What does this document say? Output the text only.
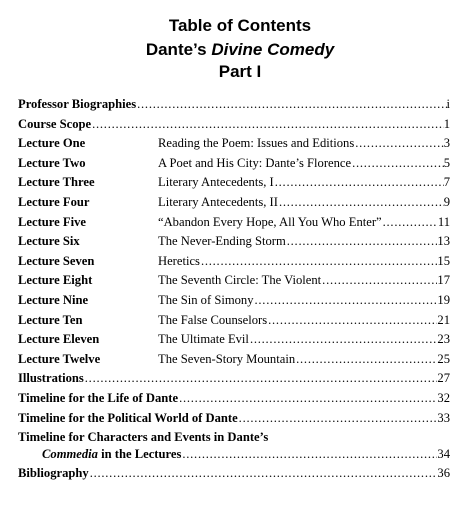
Table of Contents
Dante’s Divine Comedy
Part I
Professor Biographies . . .	i
Course Scope . . .	1
Lecture One	Reading the Poem: Issues and Editions . . .	3
Lecture Two	A Poet and His City: Dante’s Florence . . .	5
Lecture Three	Literary Antecedents, I . . .	7
Lecture Four	Literary Antecedents, II . . .	9
Lecture Five	“Abandon Every Hope, All You Who Enter” . . .	11
Lecture Six	The Never-Ending Storm . . .	13
Lecture Seven	Heretics . . .	15
Lecture Eight	The Seventh Circle: The Violent . . .	17
Lecture Nine	The Sin of Simony . . .	19
Lecture Ten	The False Counselors . . .	21
Lecture Eleven	The Ultimate Evil . . .	23
Lecture Twelve	The Seven-Story Mountain . . .	25
Illustrations . . .	27
Timeline for the Life of Dante . . .	32
Timeline for the Political World of Dante . . .	33
Timeline for Characters and Events in Dante’s
Commedia in the Lectures . . .	34
Bibliography . . .	36
